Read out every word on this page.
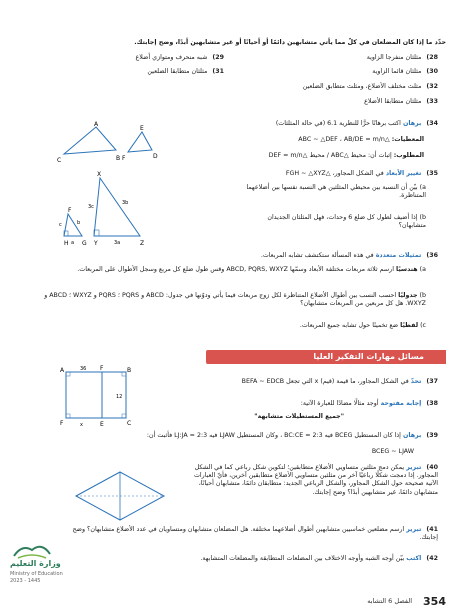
حدّد ما إذا كان المضلعان في كلّ مما يأتي متشابهين دائمًا أو أحيانًا أو غير متشابهين أبدًا، وضح إجابتك.
28)مثلثان منفرجا الزاوية
29)شبه منحرف ومتوازي أضلاع
30)مثلثان قائما الزاوية
31)مثلثان متطابقا الضلعين
32)مثلث مختلف الأضلاع، ومثلث متطابق الضلعين
33)مثلثان متطابقا الأضلاع
34)برهان اكتب برهانًا حرًّا للنظرية 6.1 (في حالة المثلثات)
المعطيات: △ABC ∼ △DEF ، AB/DE = m/n
المطلوب: إثبات أن: محيط △ABC / محيط △DEF = m/n
C	B
A
F	D
E
35)تغيير الأبعاد في الشكل المجاور، △FGH ∼ △XYZ
a) بيّن أن النسبة بين محيطي المثلثين هي النسبة نفسها بين أضلاعهما المتناظرة.
b) إذا أضيف لطول كل ضلع 6 وحدات، فهل المثلثان الجديدان متشابهان؟
X
Y	Z
F
H G
3c
3b
3a
c	b
a
36)تمثيلات متعددة في هذه المسألة ستكتشف تشابه المربعات.
a) هندسيًا ارسم ثلاثة مربعات مختلفة الأبعاد وسمّها ABCD, PQRS, WXYZ وقس طول ضلع كل مربع وسجل الأطوال على المربعات.
b) جدوليًا احسب النسب بين أطوال الأضلاع المتناظرة لكل زوج مربعات فيما يأتي ودوّنها في جدول: ABCD و PQRS ؛ PQRS و WXYZ ؛ ABCD و WXYZ. هل كل مربعين من المربعات متشابهان؟
c) لفظيًا ضع تخمينًا حول تشابه جميع المربعات.
مسائل مهارات التفكير العليا
A	B
F	C
E
F
36
12
x
37)تحدّ في الشكل المجاور، ما قيمة (قيم) x التي تجعل BEFA ∼ EDCB
38)إجابة مفتوحة أوجد مثالًا مضادًا للعبارة الآتية:
"جميع المستطيلات متشابهة"
39)برهان إذا كان المستطيل BCEG فيه BC:CE = 2:3 ، وكان المستطيل LJAW فيه LJ:JA = 2:3 فأثبت أن:
BCEG ∼ LJAW
40)تبرير يمكن دمج مثلثين متساويي الأضلاع متطابقين؛ لتكوين شكل رباعي كما في الشكل المجاور. إذا دمجت شكلًا رباعيًا آخر من مثلثين متساويي الأضلاع متطابقين آخرين، فأيّ العبارات الآتية صحيحة حول الشكل المجاور، والشكل الرباعي الجديد: متطابقان دائمًا، متشابهان أحيانًا، متشابهان دائمًا، غير متشابهين أبدًا؟ وضح إجابتك.
41)تبرير ارسم مضلعين خماسيين متشابهين أطوال أضلاعهما مختلفة. هل المضلعان متشابهان ومتساويان في عدد الأضلاع متشابهان؟ وضح إجابتك.
42)اكتب بيّن أوجه الشبه وأوجه الاختلاف بين المضلعات المتطابقة والمضلعات المتشابهة.
وزارة التعليم
Ministry of Education
2023 - 1445
الفصل 6 التشابه 354
